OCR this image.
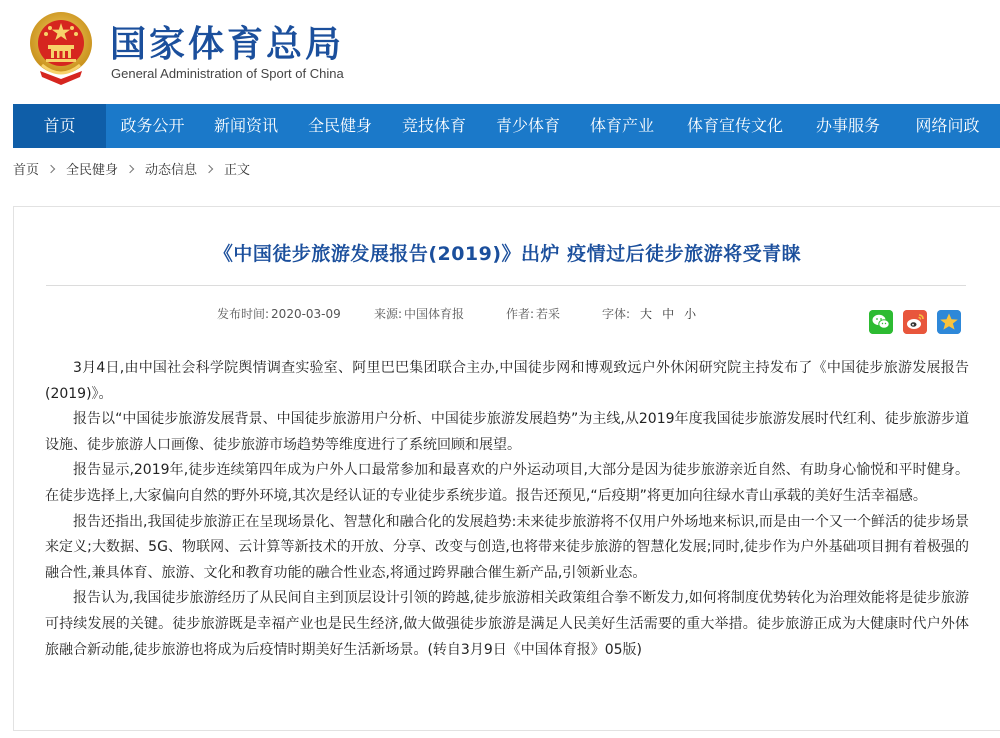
国家体育总局
General Administration of Sport of China
首页	政务公开	新闻资讯	全民健身	竞技体育	青少体育	体育产业	体育宣传文化	办事服务	网络问政
首页 全民健身 动态信息 正文
《中国徒步旅游发展报告(2019)》出炉 疫情过后徒步旅游将受青睐
发布时间: 2020-03-09	来源: 中国体育报	作者: 若采	字体: 大 中 小

3月4日,由中国社会科学院舆情调查实验室、阿里巴巴集团联合主办,中国徒步网和博观致远户外休闲研究院主持发布了《中国徒步旅游发展报告(2019)》。

报告以“中国徒步旅游发展背景、中国徒步旅游用户分析、中国徒步旅游发展趋势”为主线,从2019年度我国徒步旅游发展时代红利、徒步旅游步道设施、徒步旅游人口画像、徒步旅游市场趋势等维度进行了系统回顾和展望。

报告显示,2019年,徒步连续第四年成为户外人口最常参加和最喜欢的户外运动项目,大部分是因为徒步旅游亲近自然、有助身心愉悦和平时健身。在徒步选择上,大家偏向自然的野外环境,其次是经认证的专业徒步系统步道。报告还预见,“后疫期”将更加向往绿水青山承载的美好生活幸福感。

报告还指出,我国徒步旅游正在呈现场景化、智慧化和融合化的发展趋势:未来徒步旅游将不仅用户外场地来标识,而是由一个又一个鲜活的徒步场景来定义;大数据、5G、物联网、云计算等新技术的开放、分享、改变与创造,也将带来徒步旅游的智慧化发展;同时,徒步作为户外基础项目拥有着极强的融合性,兼具体育、旅游、文化和教育功能的融合性业态,将通过跨界融合催生新产品,引领新业态。

报告认为,我国徒步旅游经历了从民间自主到顶层设计引领的跨越,徒步旅游相关政策组合拳不断发力,如何将制度优势转化为治理效能将是徒步旅游可持续发展的关键。徒步旅游既是幸福产业也是民生经济,做大做强徒步旅游是满足人民美好生活需要的重大举措。徒步旅游正成为大健康时代户外体旅融合新动能,徒步旅游也将成为后疫情时期美好生活新场景。(转自3月9日《中国体育报》05版)
